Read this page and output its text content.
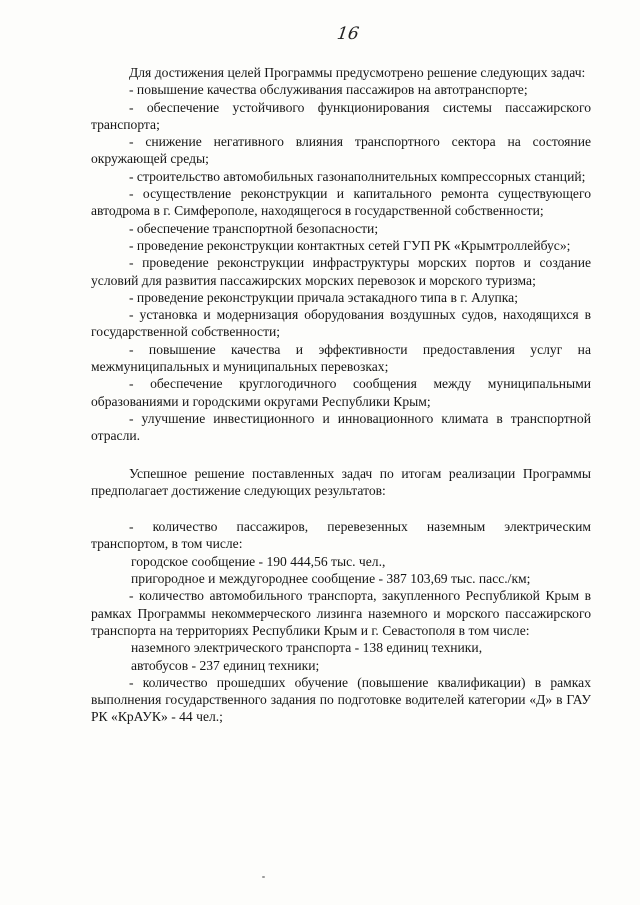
16

Для достижения целей Программы предусмотрено решение следующих задач:

- повышение качества обслуживания пассажиров на автотранспорте;

- обеспечение устойчивого функционирования системы пассажирского транспорта;

- снижение негативного влияния транспортного сектора на состояние окружающей среды;

- строительство автомобильных газонаполнительных компрессорных станций;

- осуществление реконструкции и капитального ремонта существующего автодрома в г. Симферополе, находящегося в государственной собственности;

- обеспечение транспортной безопасности;

- проведение реконструкции контактных сетей ГУП РК «Крымтроллейбус»;

- проведение реконструкции инфраструктуры морских портов и создание условий для развития пассажирских морских перевозок и морского туризма;

- проведение реконструкции причала эстакадного типа в г. Алупка;

- установка и модернизация оборудования воздушных судов, находящихся в государственной собственности;

- повышение качества и эффективности предоставления услуг на межмуниципальных и муниципальных перевозках;

- обеспечение круглогодичного сообщения между муниципальными образованиями и городскими округами Республики Крым;

- улучшение инвестиционного и инновационного климата в транспортной отрасли.

Успешное решение поставленных задач по итогам реализации Программы предполагает достижение следующих результатов:

- количество пассажиров, перевезенных наземным электрическим транспортом, в том числе:

городское сообщение - 190 444,56 тыс. чел.,

пригородное и междугороднее сообщение - 387 103,69 тыс. пасс./км;

- количество автомобильного транспорта, закупленного Республикой Крым в рамках Программы некоммерческого лизинга наземного и морского пассажирского транспорта на территориях Республики Крым и г. Севастополя в том числе:

наземного электрического транспорта - 138 единиц техники,

автобусов - 237 единиц техники;

- количество прошедших обучение (повышение квалификации) в рамках выполнения государственного задания по подготовке водителей категории «Д» в ГАУ РК «КрАУК» - 44 чел.;
